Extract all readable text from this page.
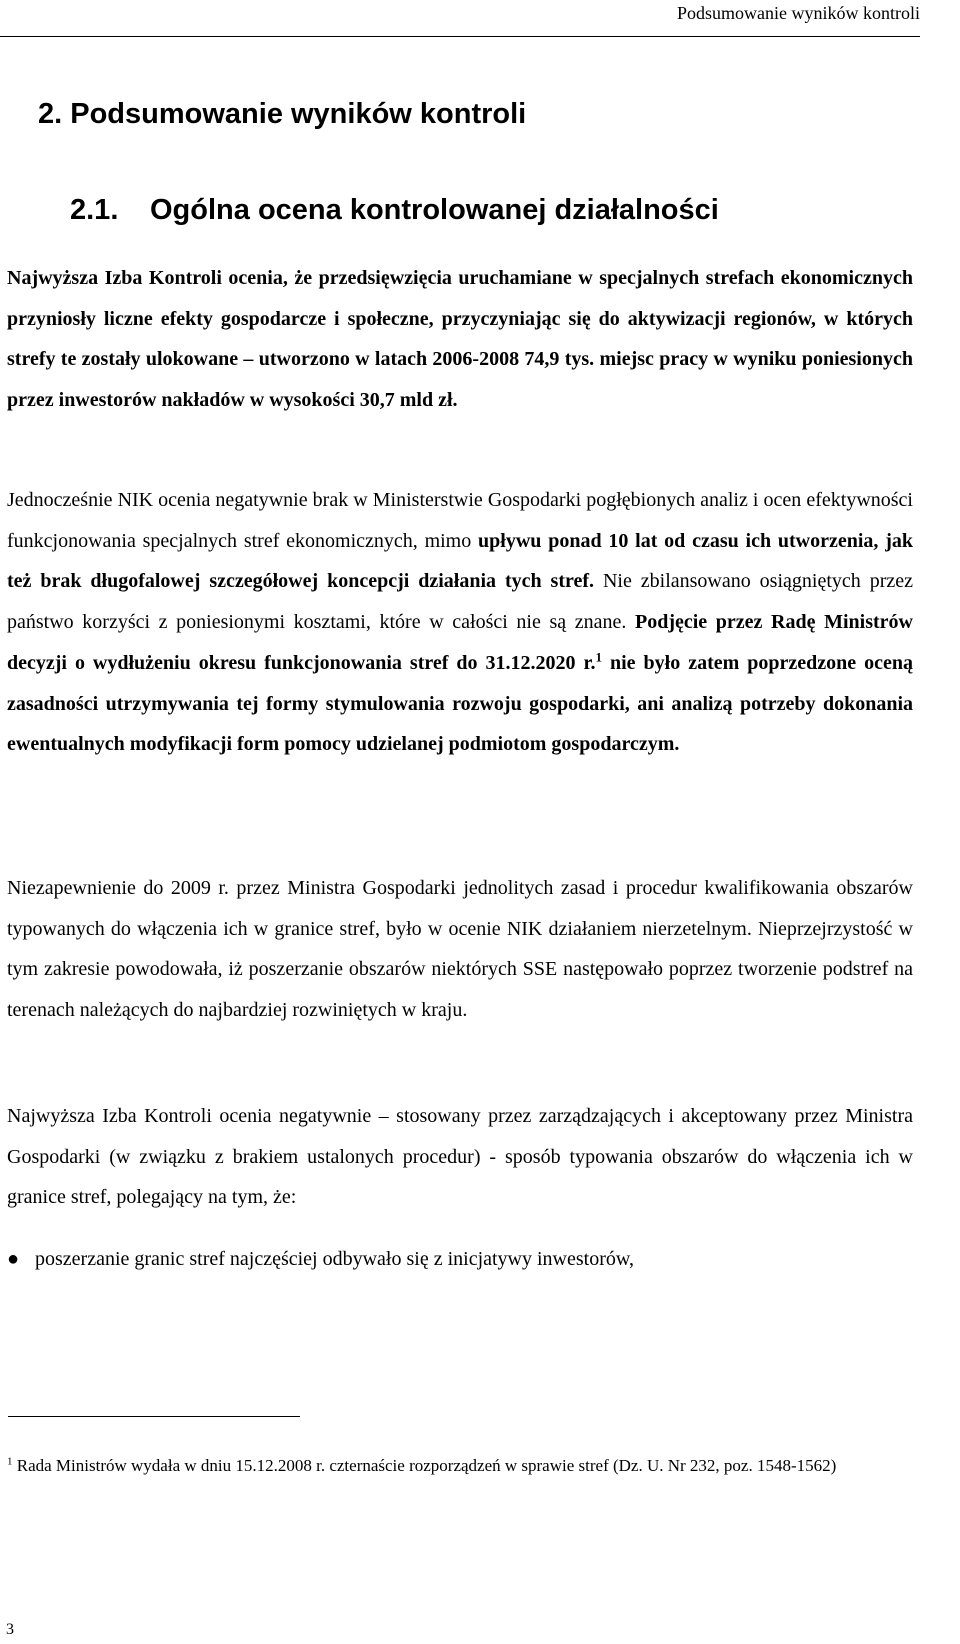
Podsumowanie wyników kontroli
2. Podsumowanie wyników kontroli
2.1. Ogólna ocena kontrolowanej działalności

Najwyższa Izba Kontroli ocenia, że przedsięwzięcia uruchamiane w specjalnych strefach ekonomicznych przyniosły liczne efekty gospodarcze i społeczne, przyczyniając się do aktywizacji regionów, w których strefy te zostały ulokowane – utworzono w latach 2006-2008 74,9 tys. miejsc pracy w wyniku poniesionych przez inwestorów nakładów w wysokości 30,7 mld zł.

Jednocześnie NIK ocenia negatywnie brak w Ministerstwie Gospodarki pogłębionych analiz i ocen efektywności funkcjonowania specjalnych stref ekonomicznych, mimo upływu ponad 10 lat od czasu ich utworzenia, jak też brak długofalowej szczegółowej koncepcji działania tych stref. Nie zbilansowano osiągniętych przez państwo korzyści z poniesionymi kosztami, które w całości nie są znane. Podjęcie przez Radę Ministrów decyzji o wydłużeniu okresu funkcjonowania stref do 31.12.2020 r.$^1$ nie było zatem poprzedzone oceną zasadności utrzymywania tej formy stymulowania rozwoju gospodarki, ani analizą potrzeby dokonania ewentualnych modyfikacji form pomocy udzielanej podmiotom gospodarczym.

Niezapewnienie do 2009 r. przez Ministra Gospodarki jednolitych zasad i procedur kwalifikowania obszarów typowanych do włączenia ich w granice stref, było w ocenie NIK działaniem nierzetelnym. Nieprzejrzystość w tym zakresie powodowała, iż poszerzanie obszarów niektórych SSE następowało poprzez tworzenie podstref na terenach należących do najbardziej rozwiniętych w kraju.

Najwyższa Izba Kontroli ocenia negatywnie – stosowany przez zarządzających i akceptowany przez Ministra Gospodarki (w związku z brakiem ustalonych procedur) - sposób typowania obszarów do włączenia ich w granice stref, polegający na tym, że:

● poszerzanie granic stref najczęściej odbywało się z inicjatywy inwestorów,
$^1$ Rada Ministrów wydała w dniu 15.12.2008 r. czternaście rozporządzeń w sprawie stref (Dz. U. Nr 232, poz. 1548-1562)
3
